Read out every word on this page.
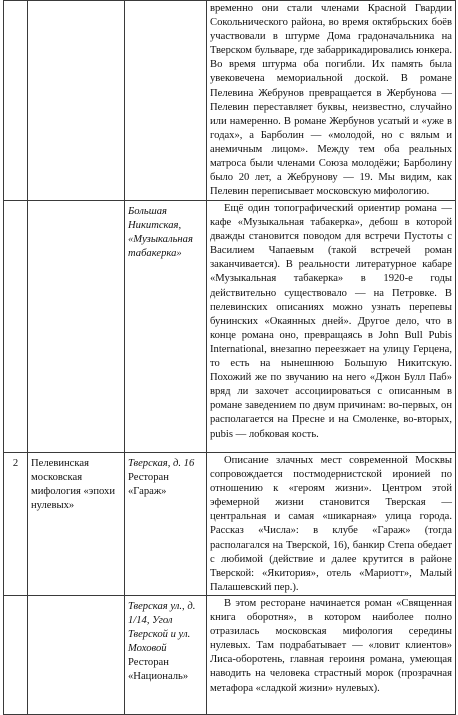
			временно они стали членами Красной Гвардии Сокольнического района, во время октябрьских боёв участвовали в штурме Дома градоначальника на Тверском бульваре, где забаррикадировались юнкера. Во время штурма оба погибли. Их память была увековечена мемориальной доской. В романе Пелевина Жебрунов превращается в Жербунова — Пелевин переставляет буквы, неизвестно, случайно или намеренно. В романе Жербунов усатый и «уже в годах», а Барболин — «молодой, но с вялым и анемичным лицом». Между тем оба реальных матроса были членами Союза молодёжи; Барболину было 20 лет, а Жебрунову — 19. Мы видим, как Пелевин переписывает московскую мифологию.

		Большая Никитская, «Музыкальная табакерка»	Ещё один топографический ориентир романа — кафе «Музыкальная табакерка», дебош в которой дважды становится поводом для встречи Пустоты с Василием Чапаевым (такой встречей роман заканчивается). В реальности литературное кабаре «Музыкальная табакерка» в 1920-е годы действительно существовало — на Петровке. В пелевинских описаниях можно узнать перепевы бунинских «Окаянных дней». Другое дело, что в конце романа оно, превращаясь в John Bull Pubis International, внезапно переезжает на улицу Герцена, то есть на нынешнюю Большую Никитскую. Похожий же по звучанию на него «Джон Булл Паб» вряд ли захочет ассоциироваться с описанным в романе заведением по двум причинам: во-первых, он располагается на Пресне и на Смоленке, во-вторых, pubis — лобковая кость.

2	Пелевинская московская мифология «эпохи нулевых»	Тверская, д. 16 Ресторан «Гараж»	Описание злачных мест современной Москвы сопровождается постмодернистской иронией по отношению к «героям жизни». Центром этой эфемерной жизни становится Тверская — центральная и самая «шикарная» улица города. Рассказ «Числа»: в клубе «Гараж» (тогда располагался на Тверской, 16), банкир Степа обедает с любимой (действие и далее крутится в районе Тверской: «Якитория», отель «Мариотт», Малый Палашевский пер.).

		Тверская ул., д. 1/14, Угол Тверской и ул. Моховой Ресторан «Националь»	В этом ресторане начинается роман «Священная книга оборотня», в котором наиболее полно отразилась московская мифология середины нулевых. Там подрабатывает — «ловит клиентов» Лиса-оборотень, главная героиня романа, умеющая наводить на человека страстный морок (прозрачная метафора «сладкой жизни» нулевых).
